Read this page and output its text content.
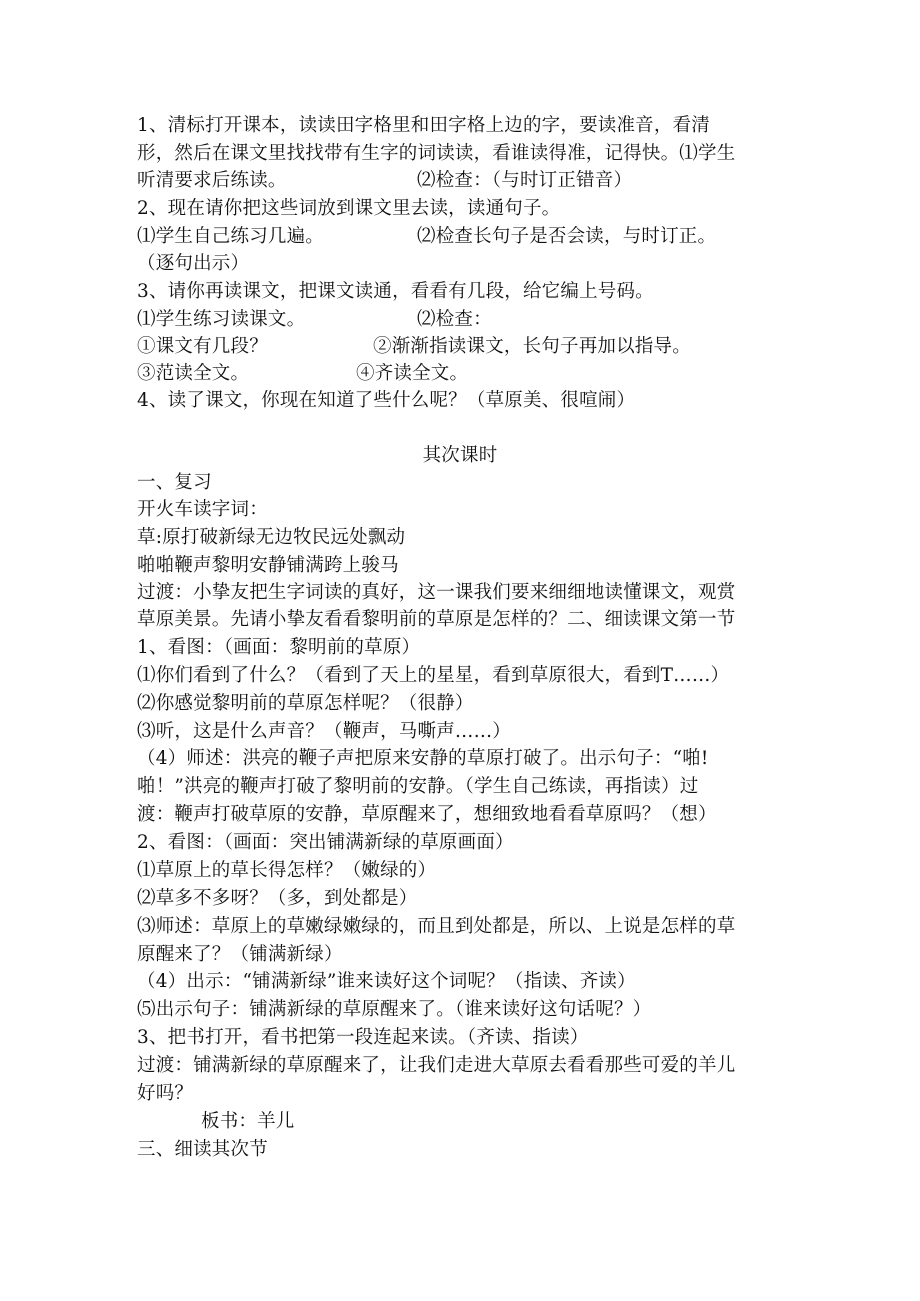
1、清标打开课本，读读田字格里和田字格上边的字，要读准音，看清
形，然后在课文里找找带有生字的词读读，看谁读得准，记得快。⑴学生
听清要求后练读。	⑵检查：（与时订正错音）
2、现在请你把这些词放到课文里去读，读通句子。
⑴学生自己练习几遍。	⑵检查长句子是否会读，与时订正。
（逐句出示）
3、请你再读课文，把课文读通，看看有几段，给它编上号码。
⑴学生练习读课文。	⑵检查：
①课文有几段？	②渐渐指读课文，长句子再加以指导。
③范读全文。	④齐读全文。
4、读了课文，你现在知道了些什么呢？（草原美、很喧闹）
其次课时
一、复习
开火车读字词：
草:原打破新绿无边牧民远处飘动
啪啪鞭声黎明安静铺满跨上骏马
过渡：小挚友把生字词读的真好，这一课我们要来细细地读懂课文，观赏
草原美景。先请小挚友看看黎明前的草原是怎样的？二、细读课文第一节
1、看图：（画面：黎明前的草原）
⑴你们看到了什么？（看到了天上的星星，看到草原很大，看到T……）
⑵你感觉黎明前的草原怎样呢？（很静）
⑶听，这是什么声音？（鞭声，马嘶声……）
（4）师述：洪亮的鞭子声把原来安静的草原打破了。出示句子：“啪!
啪！”洪亮的鞭声打破了黎明前的安静。（学生自己练读，再指读）过
渡：鞭声打破草原的安静，草原醒来了，想细致地看看草原吗？（想）
2、看图：（画面：突出铺满新绿的草原画面）
⑴草原上的草长得怎样？（嫩绿的）
⑵草多不多呀？（多，到处都是）
⑶师述：草原上的草嫩绿嫩绿的，而且到处都是，所以、上说是怎样的草
原醒来了？（铺满新绿）
（4）出示：“铺满新绿”谁来读好这个词呢？（指读、齐读）
⑸出示句子：铺满新绿的草原醒来了。（谁来读好这句话呢？）
3、把书打开，看书把第一段连起来读。（齐读、指读）
过渡：铺满新绿的草原醒来了，让我们走进大草原去看看那些可爱的羊儿
好吗？
板书：羊儿
三、细读其次节
